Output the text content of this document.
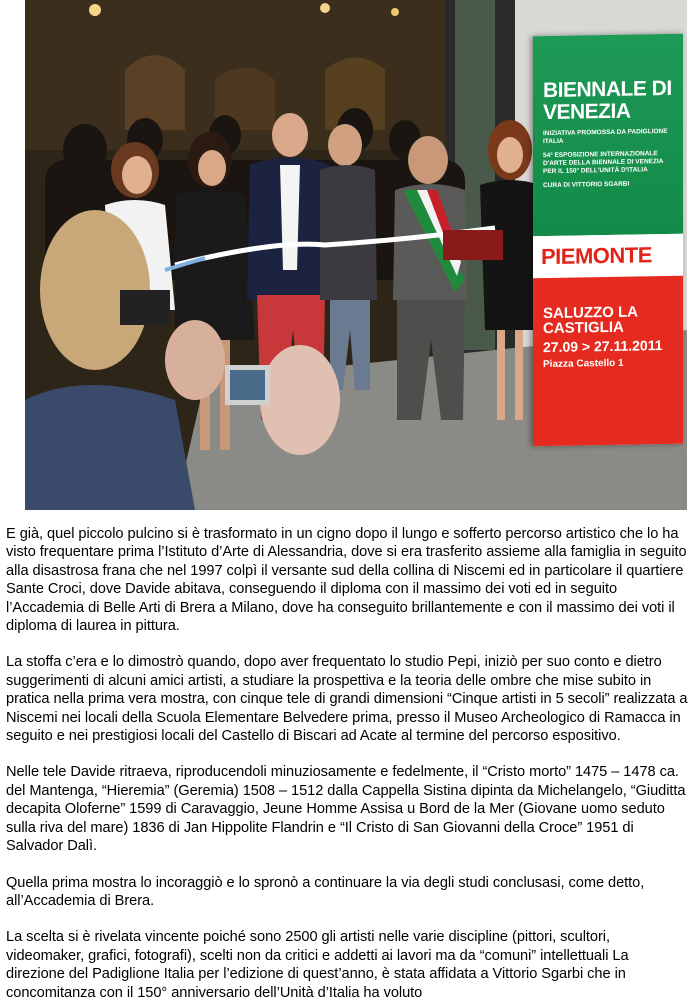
BIENNALE DI VENEZIA
INIZIATIVA PROMOSSA DA PADIGLIONE ITALIA
54ª ESPOSIZIONE INTERNAZIONALE D'ARTE DELLA BIENNALE DI VENEZIA PER IL 150° DELL'UNITÀ D'ITALIA
CURA DI VITTORIO SGARBI
PIEMONTE
SALUZZO LA CASTIGLIA
27.09 > 27.11.2011
Piazza Castello 1

E già, quel piccolo pulcino si è trasformato in un cigno dopo il lungo e sofferto percorso artistico che lo ha visto frequentare prima l’Istituto d’Arte di Alessandria, dove si era trasferito assieme alla famiglia in seguito alla disastrosa frana che nel 1997 colpì il versante sud della collina di Niscemi ed in particolare il quartiere Sante Croci, dove Davide abitava, conseguendo il diploma con il massimo dei voti ed in seguito l’Accademia di Belle Arti di Brera a Milano, dove ha conseguito brillantemente e con il massimo dei voti il diploma di laurea in pittura.

La stoffa c’era e lo dimostrò quando, dopo aver frequentato lo studio Pepi, iniziò per suo conto e dietro suggerimenti di alcuni amici artisti, a studiare la prospettiva e la teoria delle ombre che mise subito in pratica nella prima vera mostra, con cinque tele di grandi dimensioni “Cinque artisti in 5 secoli” realizzata a Niscemi nei locali della Scuola Elementare Belvedere prima, presso il Museo Archeologico di Ramacca in seguito e nei prestigiosi locali del Castello di Biscari ad Acate al termine del percorso espositivo.

Nelle tele Davide ritraeva, riproducendoli minuziosamente e fedelmente, il “Cristo morto” 1475 – 1478 ca. del Mantenga, “Hieremia” (Geremia) 1508 – 1512 dalla Cappella Sistina dipinta da Michelangelo, “Giuditta decapita Oloferne” 1599 di Caravaggio, Jeune Homme Assisa u Bord de la Mer (Giovane uomo seduto sulla riva del mare) 1836 di Jan Hippolite Flandrin e “Il Cristo di San Giovanni della Croce” 1951 di Salvador Dalì.

Quella prima mostra lo incoraggiò e lo spronò a continuare la via degli studi conclusasi, come detto, all’Accademia di Brera.

La scelta si è rivelata vincente poiché sono 2500 gli artisti nelle varie discipline (pittori, scultori, videomaker, grafici, fotografi), scelti non da critici e addetti ai lavori ma da “comuni” intellettuali La direzione del Padiglione Italia per l’edizione di quest’anno, è stata affidata a Vittorio Sgarbi che in concomitanza con il 150° anniversario dell’Unità d’Italia ha voluto
